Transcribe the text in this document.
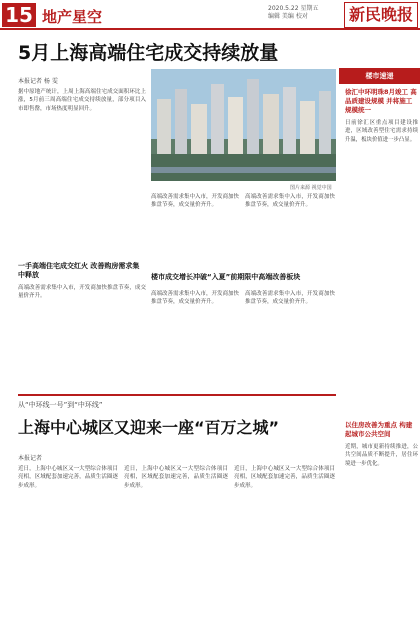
15 地产星空	2020.5.22 星期五
编辑 美编 校对	新民晚报
5月上海高端住宅成交持续放量
本报记者 杨 雯
图片来源 视觉中国
据中原地产统计，上周上海高端住宅成交面积环比上涨，5月前三周高端住宅成交持续放量，部分项目入市即售罄，市场热度明显回升。
一手高端住宅成交红火 改善购房需求集中释放
高端改善需求集中入市，开发商加快推盘节奏，成交量价齐升。
高端改善需求集中入市，开发商加快推盘节奏，成交量价齐升。
高端改善需求集中入市，开发商加快推盘节奏，成交量价齐升。
楼市成交增长冲破“入夏”前期限中高端改善板块
高端改善需求集中入市，开发商加快推盘节奏，成交量价齐升。
高端改善需求集中入市，开发商加快推盘节奏，成交量价齐升。
从“中环线一号”到“中环线”
上海中心城区又迎来一座“百万之城”
本报记者
近日，上海中心城区又一大型综合体项目亮相，区域配套加速完善，品质生活圈逐步成形。
近日，上海中心城区又一大型综合体项目亮相，区域配套加速完善，品质生活圈逐步成形。
近日，上海中心城区又一大型综合体项目亮相，区域配套加速完善，品质生活圈逐步成形。
楼市速递
徐汇中环明珠8月竣工 高品质建设规模 并将施工规模统一
日前徐汇区重点项目建设推进，区域改善型住宅需求持续升温，板块价值进一步凸显。
以住房改善为重点 构建起城市公共空间
近期，城市更新持续推进，公共空间品质不断提升，居住环境进一步优化。
